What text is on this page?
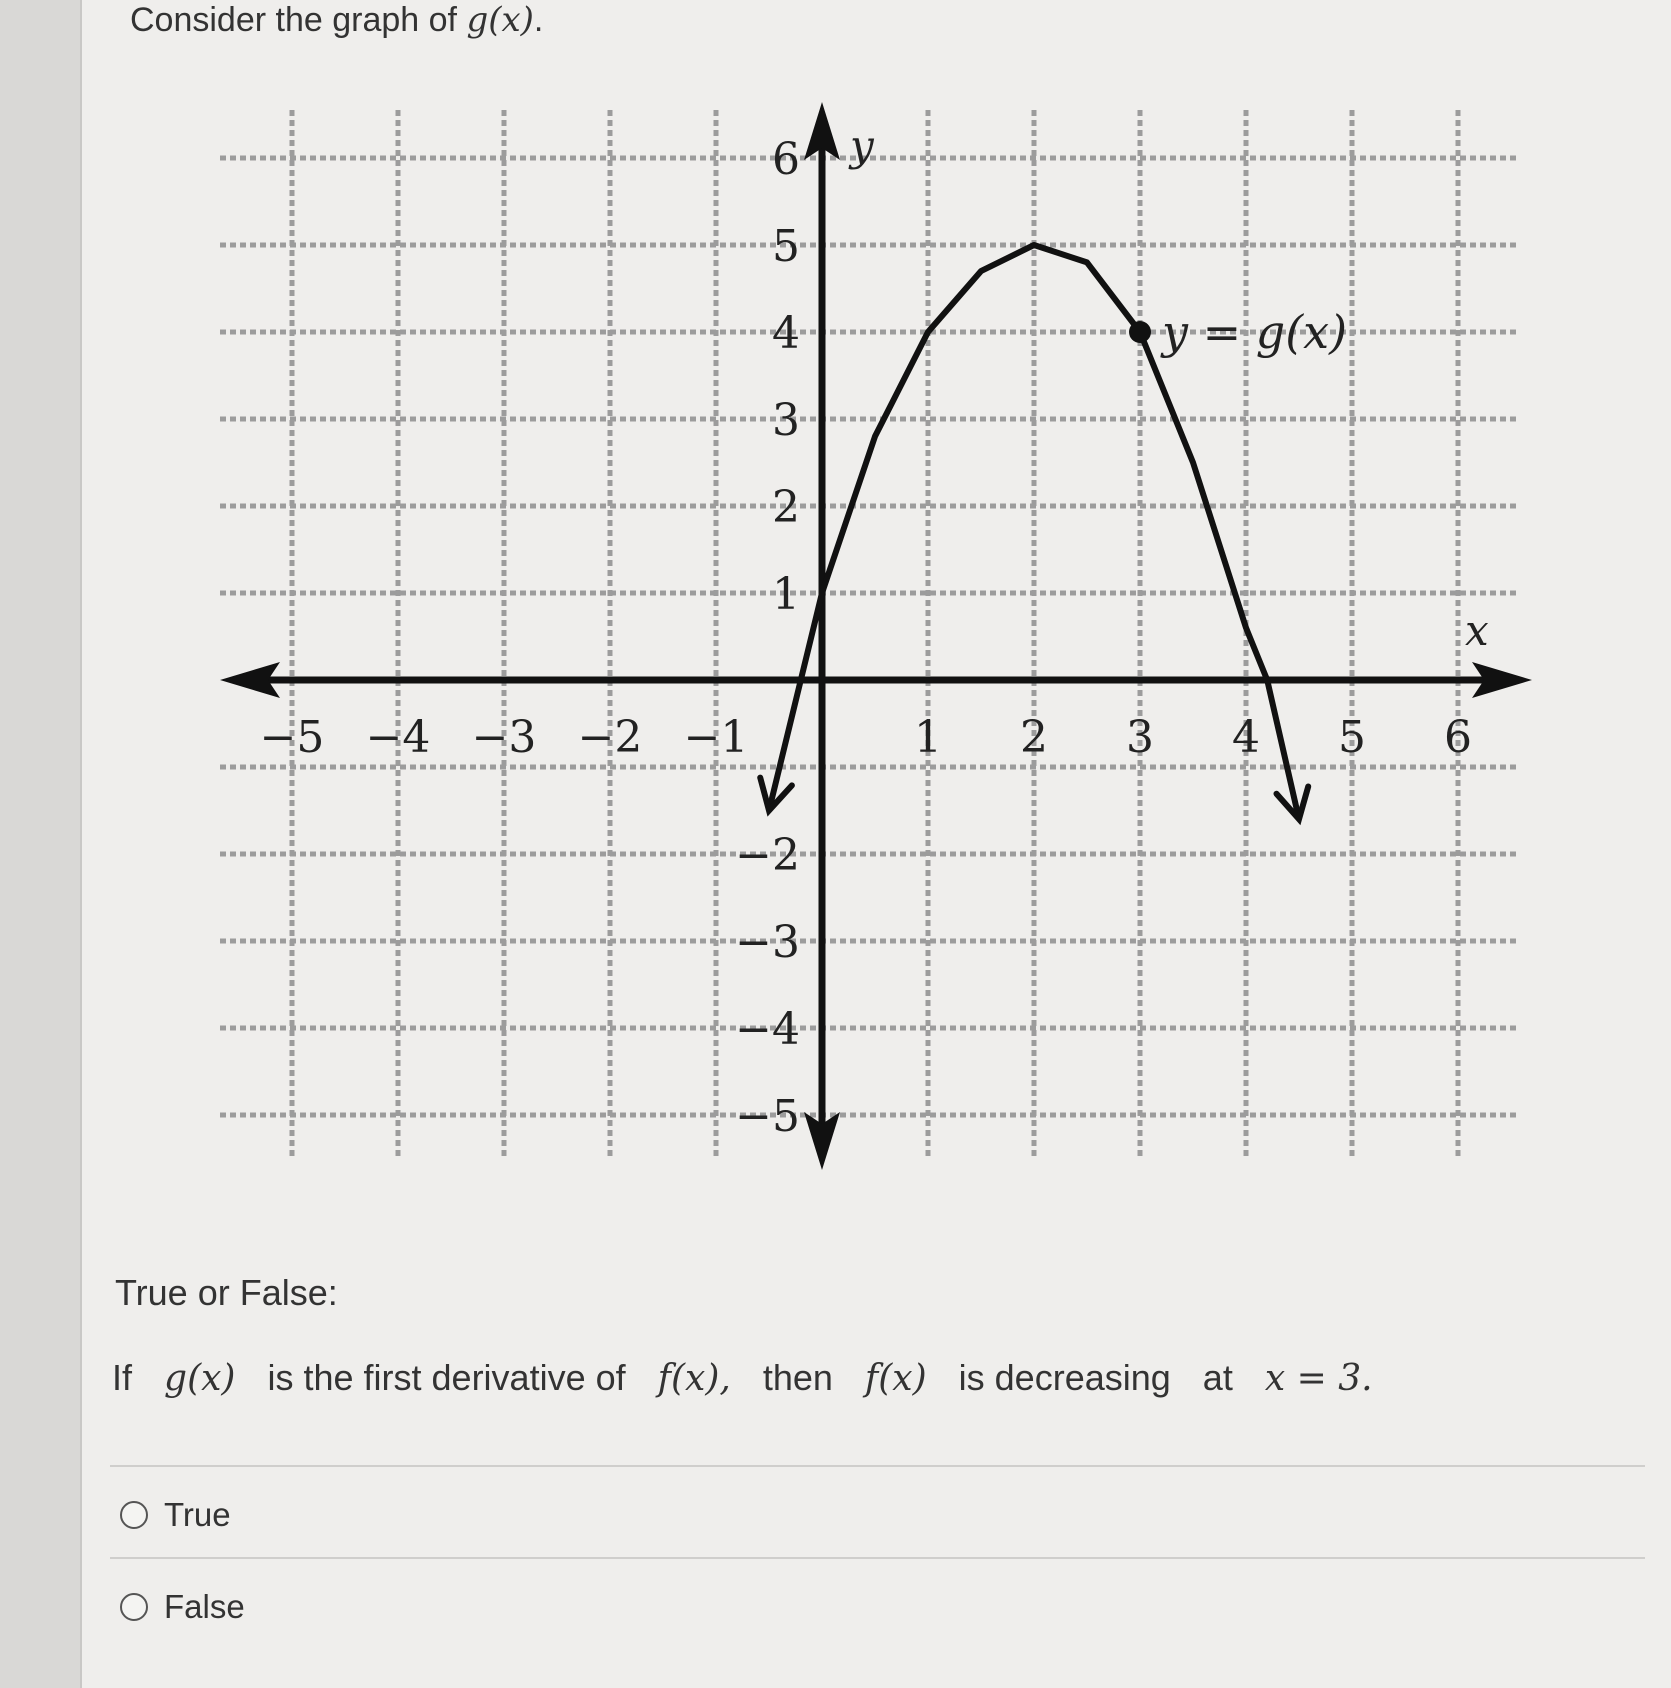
Consider the graph of g(x).
x
y
−5 −4 −3 −2 −1	1 2 3 4 5 6
6
5
4
3
2
1
−2
−3
−4
−5
y = g(x)
True or False:
If g(x) is the first derivative of f(x), then f(x) is decreasing at x = 3.
True
False
